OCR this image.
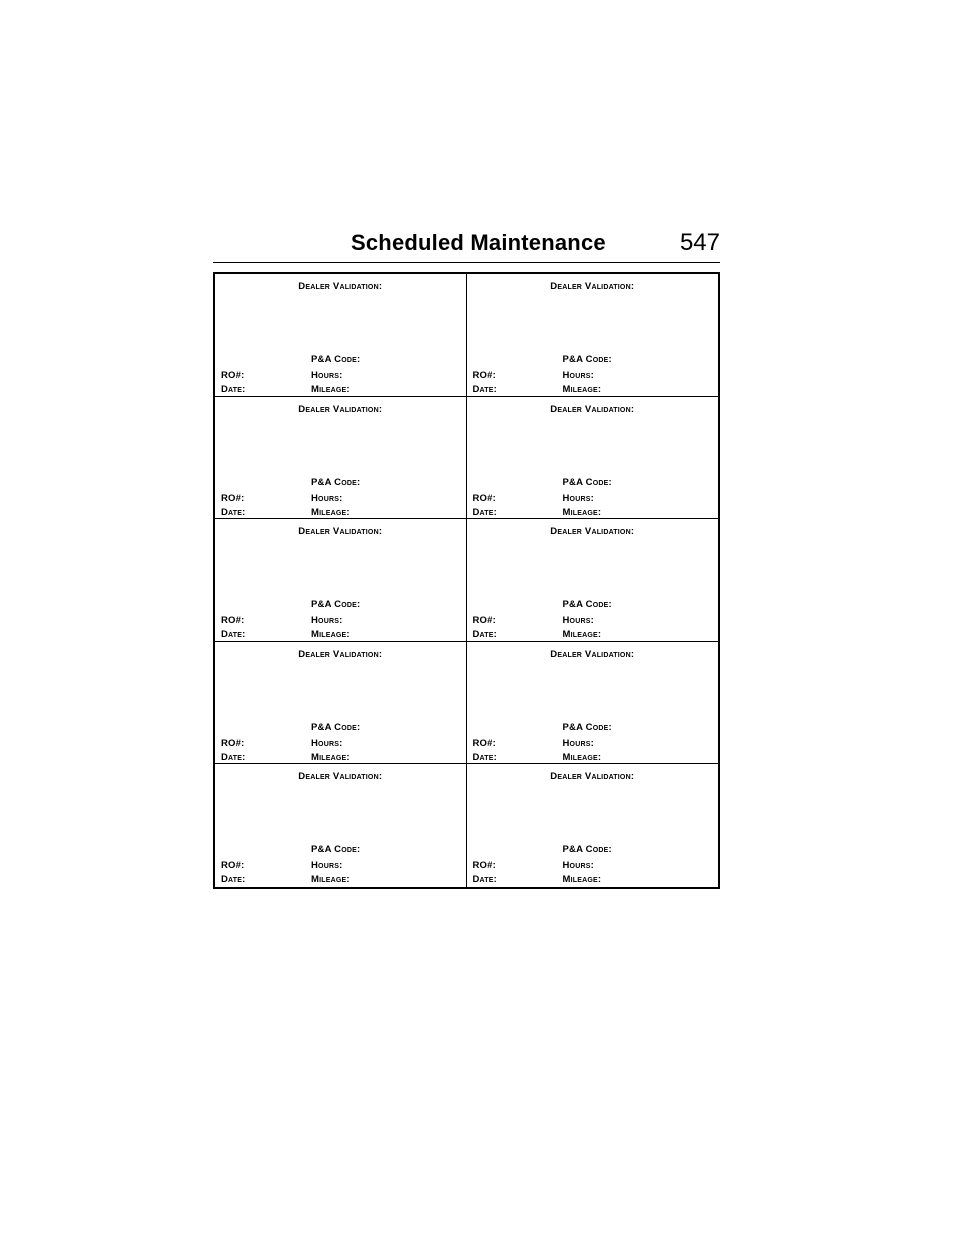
Scheduled Maintenance	547
Dealer Validation:
P&A Code:
RO#:	Hours:
Date:	Mileage:
Dealer Validation:
P&A Code:
RO#:	Hours:
Date:	Mileage:
Dealer Validation:
P&A Code:
RO#:	Hours:
Date:	Mileage:
Dealer Validation:
P&A Code:
RO#:	Hours:
Date:	Mileage:
Dealer Validation:
P&A Code:
RO#:	Hours:
Date:	Mileage:
Dealer Validation:
P&A Code:
RO#:	Hours:
Date:	Mileage:
Dealer Validation:
P&A Code:
RO#:	Hours:
Date:	Mileage:
Dealer Validation:
P&A Code:
RO#:	Hours:
Date:	Mileage:
Dealer Validation:
P&A Code:
RO#:	Hours:
Date:	Mileage:
Dealer Validation:
P&A Code:
RO#:	Hours:
Date:	Mileage:
